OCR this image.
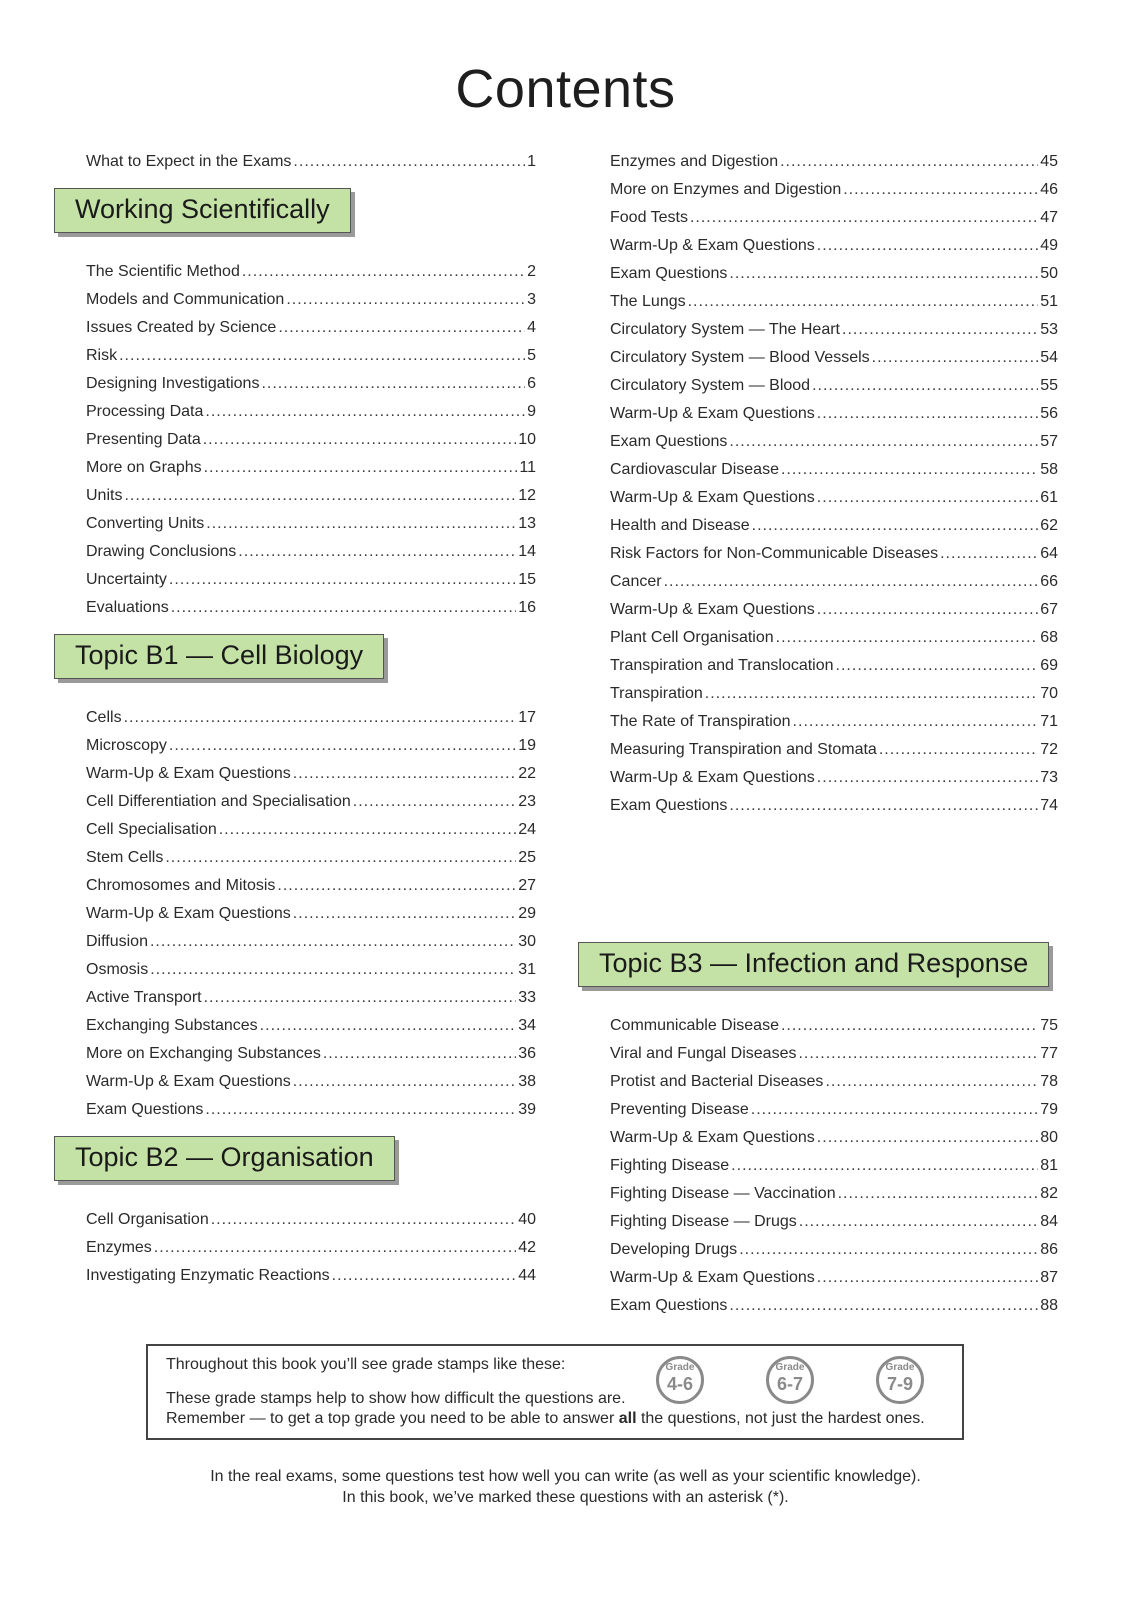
Contents
What to Expect in the Exams .....	1
Working Scientifically
The Scientific Method .....	2
Models and Communication .....	3
Issues Created by Science .....	4
Risk .....	5
Designing Investigations .....	6
Processing Data .....	9
Presenting Data .....	10
More on Graphs .....	11
Units .....	12
Converting Units .....	13
Drawing Conclusions .....	14
Uncertainty .....	15
Evaluations .....	16
Topic B1 — Cell Biology
Cells .....	17
Microscopy .....	19
Warm-Up & Exam Questions .....	22
Cell Differentiation and Specialisation .....	23
Cell Specialisation .....	24
Stem Cells .....	25
Chromosomes and Mitosis .....	27
Warm-Up & Exam Questions .....	29
Diffusion .....	30
Osmosis .....	31
Active Transport .....	33
Exchanging Substances .....	34
More on Exchanging Substances .....	36
Warm-Up & Exam Questions .....	38
Exam Questions .....	39
Topic B2 — Organisation
Cell Organisation .....	40
Enzymes .....	42
Investigating Enzymatic Reactions .....	44
Enzymes and Digestion .....	45
More on Enzymes and Digestion .....	46
Food Tests .....	47
Warm-Up & Exam Questions .....	49
Exam Questions .....	50
The Lungs .....	51
Circulatory System — The Heart .....	53
Circulatory System — Blood Vessels .....	54
Circulatory System — Blood .....	55
Warm-Up & Exam Questions .....	56
Exam Questions .....	57
Cardiovascular Disease .....	58
Warm-Up & Exam Questions .....	61
Health and Disease .....	62
Risk Factors for Non-Communicable Diseases .....	64
Cancer .....	66
Warm-Up & Exam Questions .....	67
Plant Cell Organisation .....	68
Transpiration and Translocation .....	69
Transpiration .....	70
The Rate of Transpiration .....	71
Measuring Transpiration and Stomata .....	72
Warm-Up & Exam Questions .....	73
Exam Questions .....	74
Topic B3 — Infection and Response
Communicable Disease .....	75
Viral and Fungal Diseases .....	77
Protist and Bacterial Diseases .....	78
Preventing Disease .....	79
Warm-Up & Exam Questions .....	80
Fighting Disease .....	81
Fighting Disease — Vaccination .....	82
Fighting Disease — Drugs .....	84
Developing Drugs .....	86
Warm-Up & Exam Questions .....	87
Exam Questions .....	88
Throughout this book you’ll see grade stamps like these:
These grade stamps help to show how difficult the questions are.
Remember — to get a top grade you need to be able to answer all the questions, not just the hardest ones.
Grade
4-6
Grade
6-7
Grade
7-9
In the real exams, some questions test how well you can write (as well as your scientific knowledge).
In this book, we’ve marked these questions with an asterisk (*).
